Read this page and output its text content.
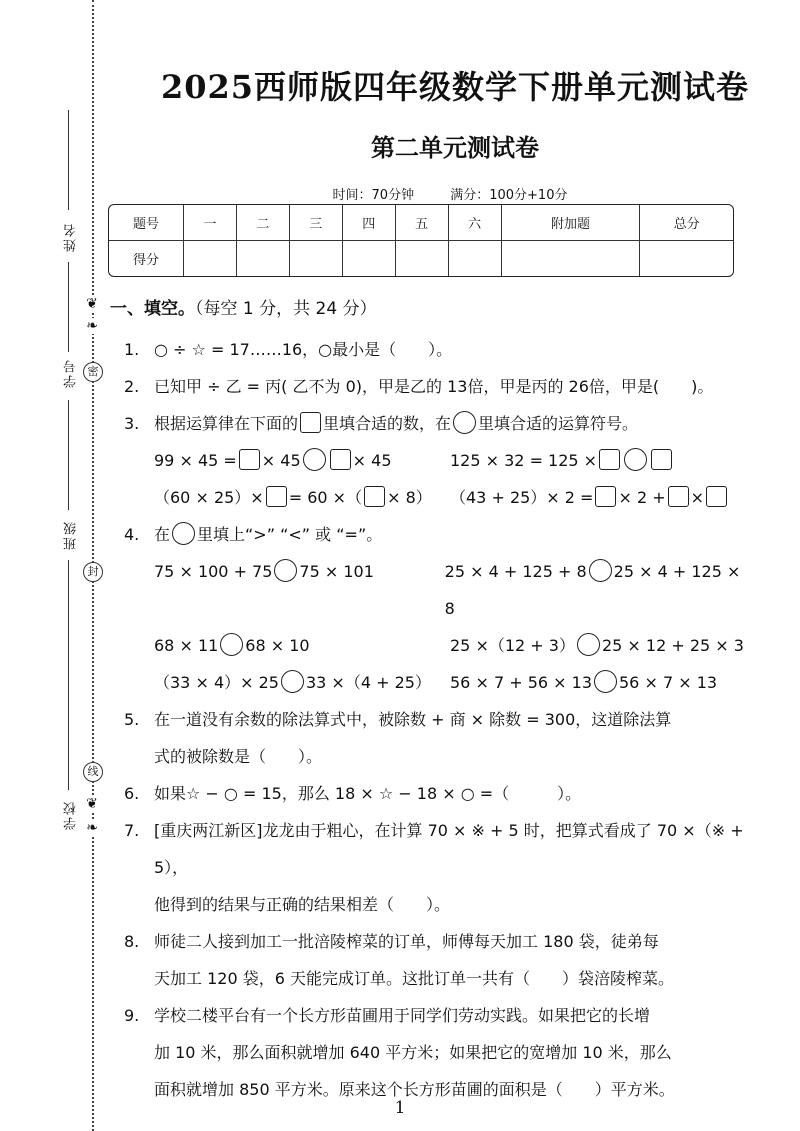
姓名
学号
班级
学校
❦
❧
密
封
线
❦
❧
2025西师版四年级数学下册单元测试卷
第二单元测试卷
时间：70分钟	满分：100分+10分
题号	一	二	三	四	五	六	附加题	总分
得分								
一、填空。（每空 1 分，共 24 分）
1. ○ ÷ ☆ = 17……16，○最小是（　　）。
2. 已知甲 ÷ 乙 = 丙( 乙不为 0)，甲是乙的 13倍，甲是丙的 26倍，甲是(　　)。
3. 根据运算律在下面的 里填合适的数，在 里填合适的运算符号。
99 × 45 = × 45	× 45	125 × 32 = 125 ×
（60 × 25）× = 60 ×（ × 8）	（43 + 25）× 2 = × 2 + ×
4. 在 里填上“>” “<” 或 “=”。
75 × 100 + 75 75 × 101	25 × 4 + 125 + 8 25 × 4 + 125 × 8
68 × 11 68 × 10	25 ×（12 + 3） 25 × 12 + 25 × 3
（33 × 4）× 25 33 ×（4 + 25）	56 × 7 + 56 × 13 56 × 7 × 13
5. 在一道没有余数的除法算式中，被除数 + 商 × 除数 = 300，这道除法算
式的被除数是（　　）。
6. 如果☆ − ○ = 15，那么 18 × ☆ − 18 × ○ =（　　　）。
7. [重庆两江新区]龙龙由于粗心，在计算 70 × ※ + 5 时，把算式看成了 70 ×（※ + 5），
他得到的结果与正确的结果相差（　　）。
8. 师徒二人接到加工一批涪陵榨菜的订单，师傅每天加工 180 袋，徒弟每
天加工 120 袋，6 天能完成订单。这批订单一共有（　　）袋涪陵榨菜。
9. 学校二楼平台有一个长方形苗圃用于同学们劳动实践。如果把它的长增
加 10 米，那么面积就增加 640 平方米；如果把它的宽增加 10 米，那么
面积就增加 850 平方米。原来这个长方形苗圃的面积是（　　）平方米。
1
